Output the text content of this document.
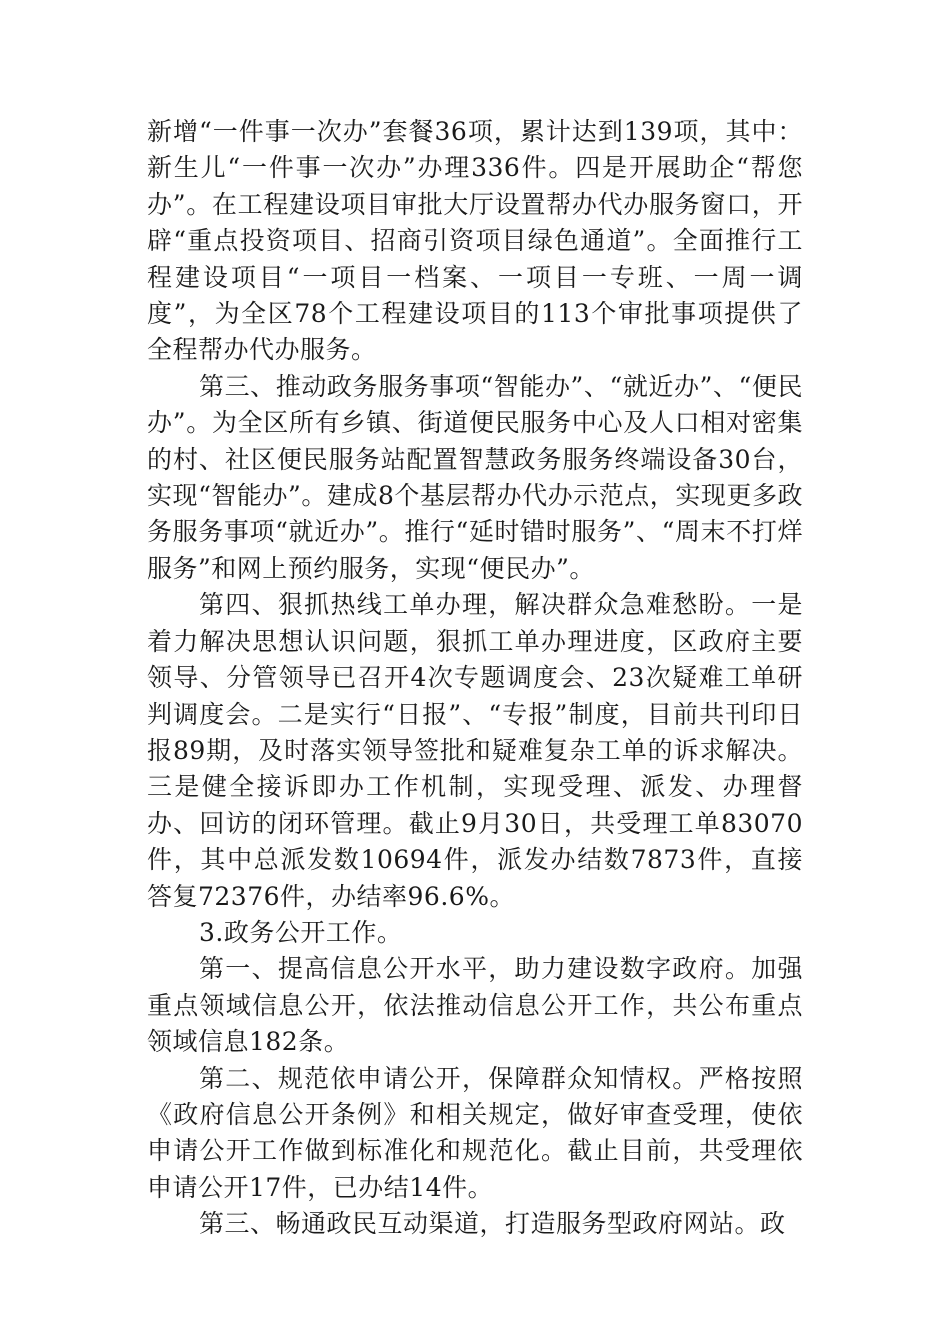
新增“一件事一次办”套餐36项，累计达到139项，其中：新生儿“一件事一次办”办理336件。四是开展助企“帮您办”。在工程建设项目审批大厅设置帮办代办服务窗口，开辟“重点投资项目、招商引资项目绿色通道”。全面推行工程建设项目“一项目一档案、一项目一专班、一周一调度”，为全区78个工程建设项目的113个审批事项提供了全程帮办代办服务。

第三、推动政务服务事项“智能办”、“就近办”、“便民办”。为全区所有乡镇、街道便民服务中心及人口相对密集的村、社区便民服务站配置智慧政务服务终端设备30台，实现“智能办”。建成8个基层帮办代办示范点，实现更多政务服务事项“就近办”。推行“延时错时服务”、“周末不打烊服务”和网上预约服务，实现“便民办”。

第四、狠抓热线工单办理，解决群众急难愁盼。一是着力解决思想认识问题，狠抓工单办理进度，区政府主要领导、分管领导已召开4次专题调度会、23次疑难工单研判调度会。二是实行“日报”、“专报”制度，目前共刊印日报89期，及时落实领导签批和疑难复杂工单的诉求解决。三是健全接诉即办工作机制，实现受理、派发、办理督办、回访的闭环管理。截止9月30日，共受理工单83070件，其中总派发数10694件，派发办结数7873件，直接答复72376件，办结率96.6%。

3.政务公开工作。

第一、提高信息公开水平，助力建设数字政府。加强重点领域信息公开，依法推动信息公开工作，共公布重点领域信息182条。

第二、规范依申请公开，保障群众知情权。严格按照《政府信息公开条例》和相关规定，做好审查受理，使依申请公开工作做到标准化和规范化。截止目前，共受理依申请公开17件，已办结14件。

第三、畅通政民互动渠道，打造服务型政府网站。政
